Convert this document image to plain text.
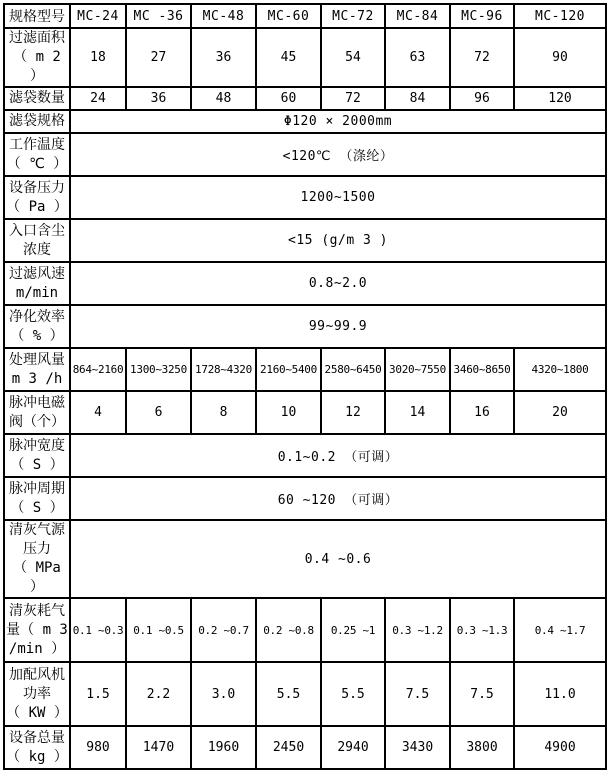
规格型号	MC-24	MC -36	MC-48	MC-60	MC-72	MC-84	MC-96	MC-120

过滤面积
（ m 2 ）	18	27	36	45	54	63	72	90

滤袋数量	24	36	48	60	72	84	96	120

滤袋规格	Φ120 × 2000mm							

工作温度
（ ℃ ）	<120℃ （涤纶）							

设备压力
（ Pa ）	1200~1500							

入口含尘
浓度	<15 (g/m 3 )							

过滤风速
m/min	0.8~2.0							

净化效率
（ % ）	99~99.9							

处理风量
m 3 /h	864~2160	1300~3250	1728~4320	2160~5400	2580~6450	3020~7550	3460~8650	4320~1800

脉冲电磁
阀（个）	4	6	8	10	12	14	16	20

脉冲宽度
（ S ）	0.1~0.2 （可调）							

脉冲周期
（ S ）	60 ~120 （可调）							

清灰气源
压力
（ MPa ）	0.4 ~0.6							

清灰耗气
量（ m 3
/min ）	0.1 ~0.3	0.1 ~0.5	0.2 ~0.7	0.2 ~0.8	0.25 ~1	0.3 ~1.2	0.3 ~1.3	0.4 ~1.7

加配风机
功率
（ KW ）	1.5	2.2	3.0	5.5	5.5	7.5	7.5	11.0

设备总量
（ kg ）	980	1470	1960	2450	2940	3430	3800	4900
